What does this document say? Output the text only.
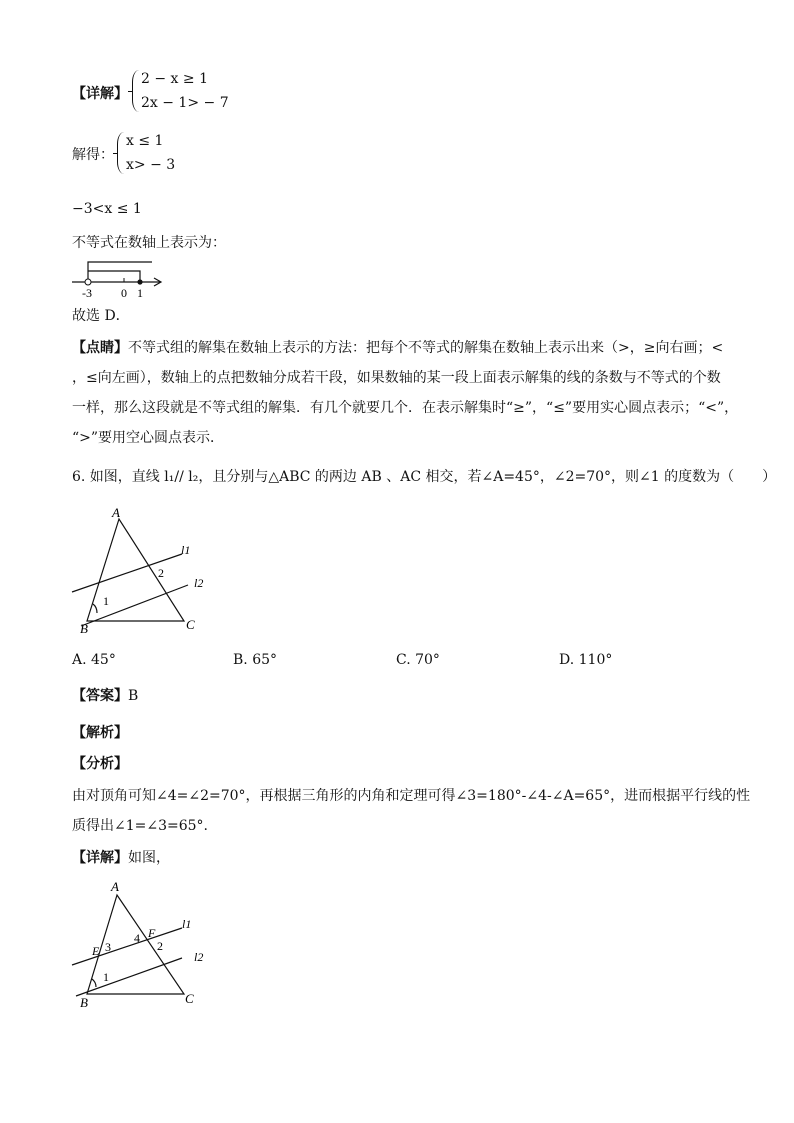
【详解】
2 − x ≥ 1
2x − 1> − 7
解得：
x ≤ 1
x> − 3
−3<x ≤ 1
不等式在数轴上表示为：
-3 0 1
故选 D．
【点睛】不等式组的解集在数轴上表示的方法：把每个不等式的解集在数轴上表示出来（>，≥向右画；<
，≤向左画），数轴上的点把数轴分成若干段，如果数轴的某一段上面表示解集的线的条数与不等式的个数
一样，那么这段就是不等式组的解集．有几个就要几个．在表示解集时“≥”，“≤”要用实心圆点表示；“<”，
“>”要用空心圆点表示．
6. 如图，直线 l₁// l₂，且分别与△ABC 的两边 AB 、AC 相交，若∠A=45°，∠2=70°，则∠1 的度数为（　　）
A
B	C
1
2
l1
l2
A. 45°	B. 65°	C. 70°	D. 110°
【答案】B
【解析】
【分析】
由对顶角可知∠4=∠2=70°，再根据三角形的内角和定理可得∠3=180°-∠4-∠A=65°，进而根据平行线的性
质得出∠1=∠3=65°.
【详解】如图，
A
B	C
E
F
1
2
3
4
l1
l2
